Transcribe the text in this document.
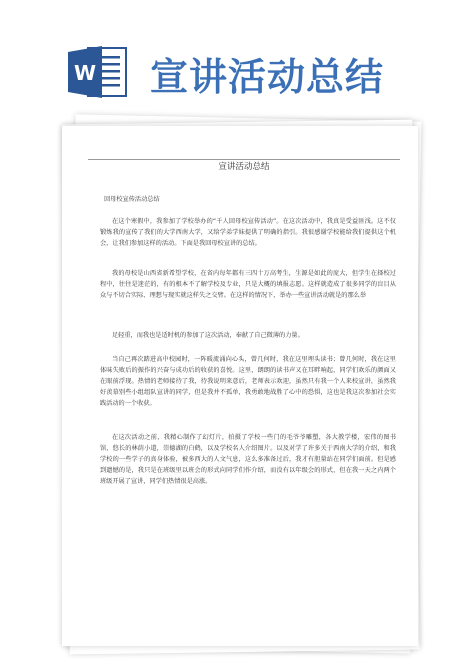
W 宣讲活动总结
宣讲活动总结
回母校宣传活动总结
在这个寒假中，我参加了学校举办的“千人回母校宣传活动”。在这次活动中，我真是受益匪浅。这不仅锻炼我的宣传了我们的大学西南大学，又给学弟学妹提供了明确的指引。我很感谢学校能给我们提供这个机会，让我们参加这样的活动。下面是我回母校宣讲的总结。
我的母校是山西省新希望学校，在省内每年都有三四十万高考生，生源是如此的庞大，但学生在择校过程中，往往是迷茫的，有的根本不了解学校及专业，只是大概的填报志愿。这样就造成了很多同学的盲目从众与不切合实际、理想与现实就这样失之交臂。在这样的情况下，举办一些宣讲活动就是的那么举
足轻重，而我也是适时机的参加了这次活动，奉献了自己微薄的力量。
当自己再次踏进高中校园时，一阵暖流涌向心头，曾几何时，我在这里埋头读书；曾几何时，我在这里体味失败后的振作的兴奋与成功后的收获的喜悦。这里，朗朗的读书声又在耳畔响起，同学们欢乐的颜面又在眼前浮现。热情的老师接待了我，待我说明来意后，老师表示欢迎，虽然只有我一个人来校宣讲，虽然我好羡慕别些小组组队宣讲的同学，但是我并不孤单，我勇敢地战胜了心中的恐惧，这也是我这次参加社会实践活动的一个收获。
在这次活动之前，我精心制作了幻灯片，拍摄了学校一些门的毛爷爷雕塑，各大教学楼，宏伟的图书馆，悠长的林荫小道，崇德湖的白鹤，以及学校名人介绍图片。以及对学了许多关于西南大学的介绍，和我学校的一些学子的真身体验，被多西大的人文气息，这么多准备过后，我才有胆量站在同学们面前。但是感到遗憾的是，我只是在班级里以班会的形式向同学们作介绍，而没有以年级会的形式，但在我一天之内两个班级开展了宣讲，同学们热情很是高涨。
